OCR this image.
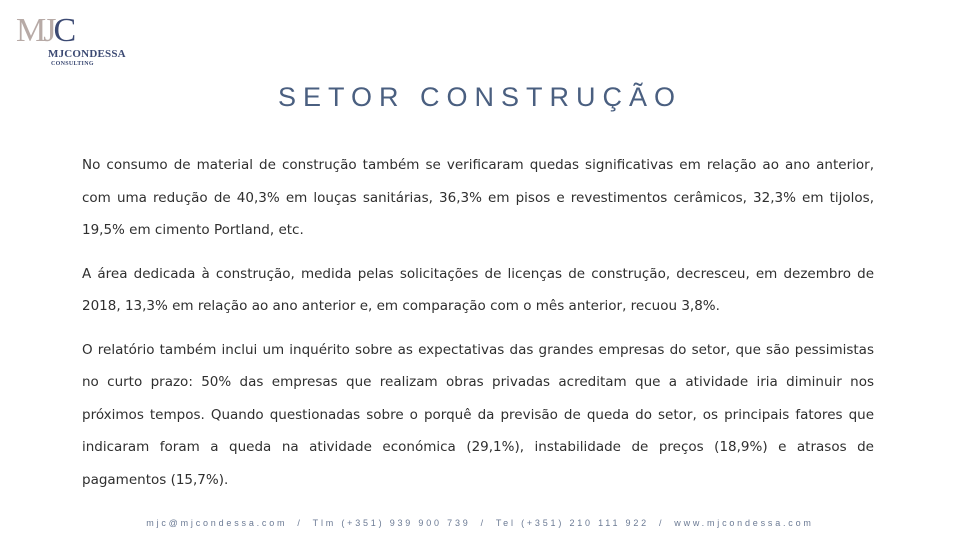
MJC
MJCONDESSA
CONSULTING
SETOR CONSTRUÇÃO

No consumo de material de construção também se verificaram quedas significativas em relação ao ano anterior, com uma redução de 40,3% em louças sanitárias, 36,3% em pisos e revestimentos cerâmicos, 32,3% em tijolos, 19,5% em cimento Portland, etc.

A área dedicada à construção, medida pelas solicitações de licenças de construção, decresceu, em dezembro de 2018, 13,3% em relação ao ano anterior e, em comparação com o mês anterior, recuou 3,8%.

O relatório também inclui um inquérito sobre as expectativas das grandes empresas do setor, que são pessimistas no curto prazo: 50% das empresas que realizam obras privadas acreditam que a atividade iria diminuir nos próximos tempos. Quando questionadas sobre o porquê da previsão de queda do setor, os principais fatores que indicaram foram a queda na atividade económica (29,1%), instabilidade de preços (18,9%) e atrasos de pagamentos (15,7%).

mjc@mjcondessa.com / Tlm (+351) 939 900 739 / Tel (+351) 210 111 922 / www.mjcondessa.com
